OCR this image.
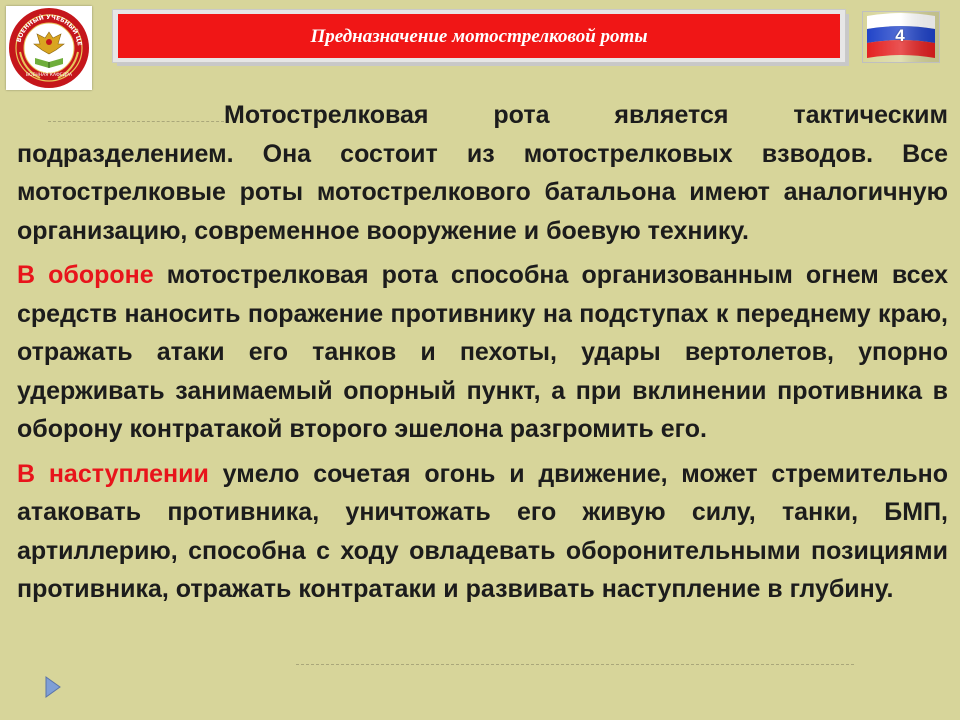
ВОЕННЫЙ УЧЕБНЫЙ ЦЕ
ВОЕННАЯ КАФЕДРА
Предназначение мотострелковой роты	4

Мотострелковая рота является тактическим подразделением. Она состоит из мотострелковых взводов. Все мотострелковые роты мотострелкового батальона имеют аналогичную организацию, современное вооружение и боевую технику.

В обороне мотострелковая рота способна организованным огнем всех средств наносить поражение противнику на подступах к переднему краю, отражать атаки его танков и пехоты, удары вертолетов, упорно удерживать занимаемый опорный пункт, а при вклинении противника в оборону контратакой второго эшелона разгромить его.

В наступлении умело сочетая огонь и движение, может стремительно атаковать противника, уничтожать его живую силу, танки, БМП, артиллерию, способна с ходу овладевать оборонительными позициями противника, отражать контратаки и развивать наступление в глубину.
